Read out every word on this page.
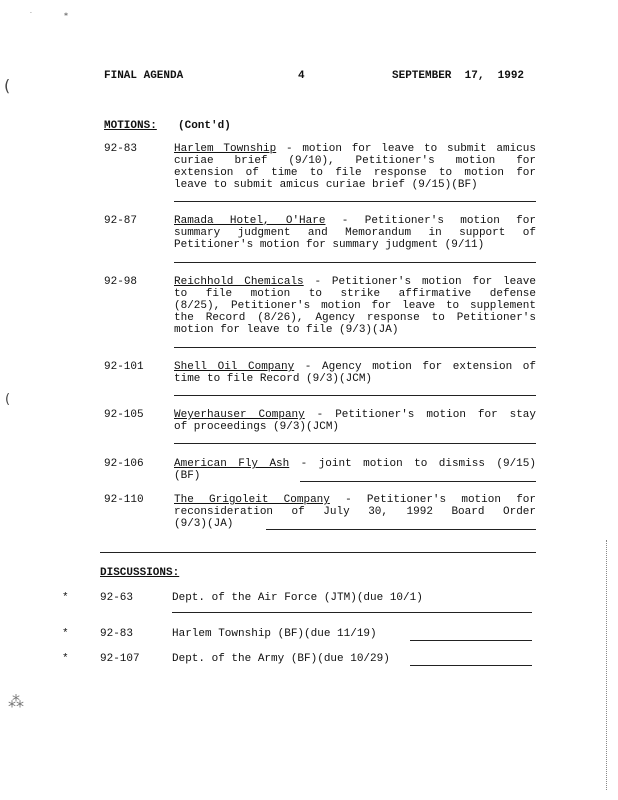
·	⁎
(
(
⁂
FINAL AGENDA	4	SEPTEMBER  17,  1992
MOTIONS: (Cont'd)
92-83	Harlem Township - motion for leave to submit amicus
curiae brief (9/10), Petitioner's motion for
extension of time to file response to motion for
leave to submit amicus curiae brief (9/15)(BF)
92-87	Ramada Hotel, O'Hare - Petitioner's motion for
summary judgment and Memorandum in support of
Petitioner's motion for summary judgment (9/11)
92-98	Reichhold Chemicals - Petitioner's motion for leave
to file motion to strike affirmative defense
(8/25), Petitioner's motion for leave to supplement
the Record (8/26), Agency response to Petitioner's
motion for leave to file (9/3)(JA)
92-101	Shell Oil Company - Agency motion for extension of
time to file Record (9/3)(JCM)
92-105	Weyerhauser Company - Petitioner's motion for stay
of proceedings (9/3)(JCM)
92-106	American Fly Ash - joint motion to dismiss (9/15)
(BF)
92-110	The Grigoleit Company - Petitioner's motion for
reconsideration of July 30, 1992 Board Order
(9/3)(JA)
DISCUSSIONS:
*	92-63	Dept. of the Air Force (JTM)(due 10/1)
*	92-83	Harlem Township (BF)(due 11/19)
*	92-107	Dept. of the Army (BF)(due 10/29)
